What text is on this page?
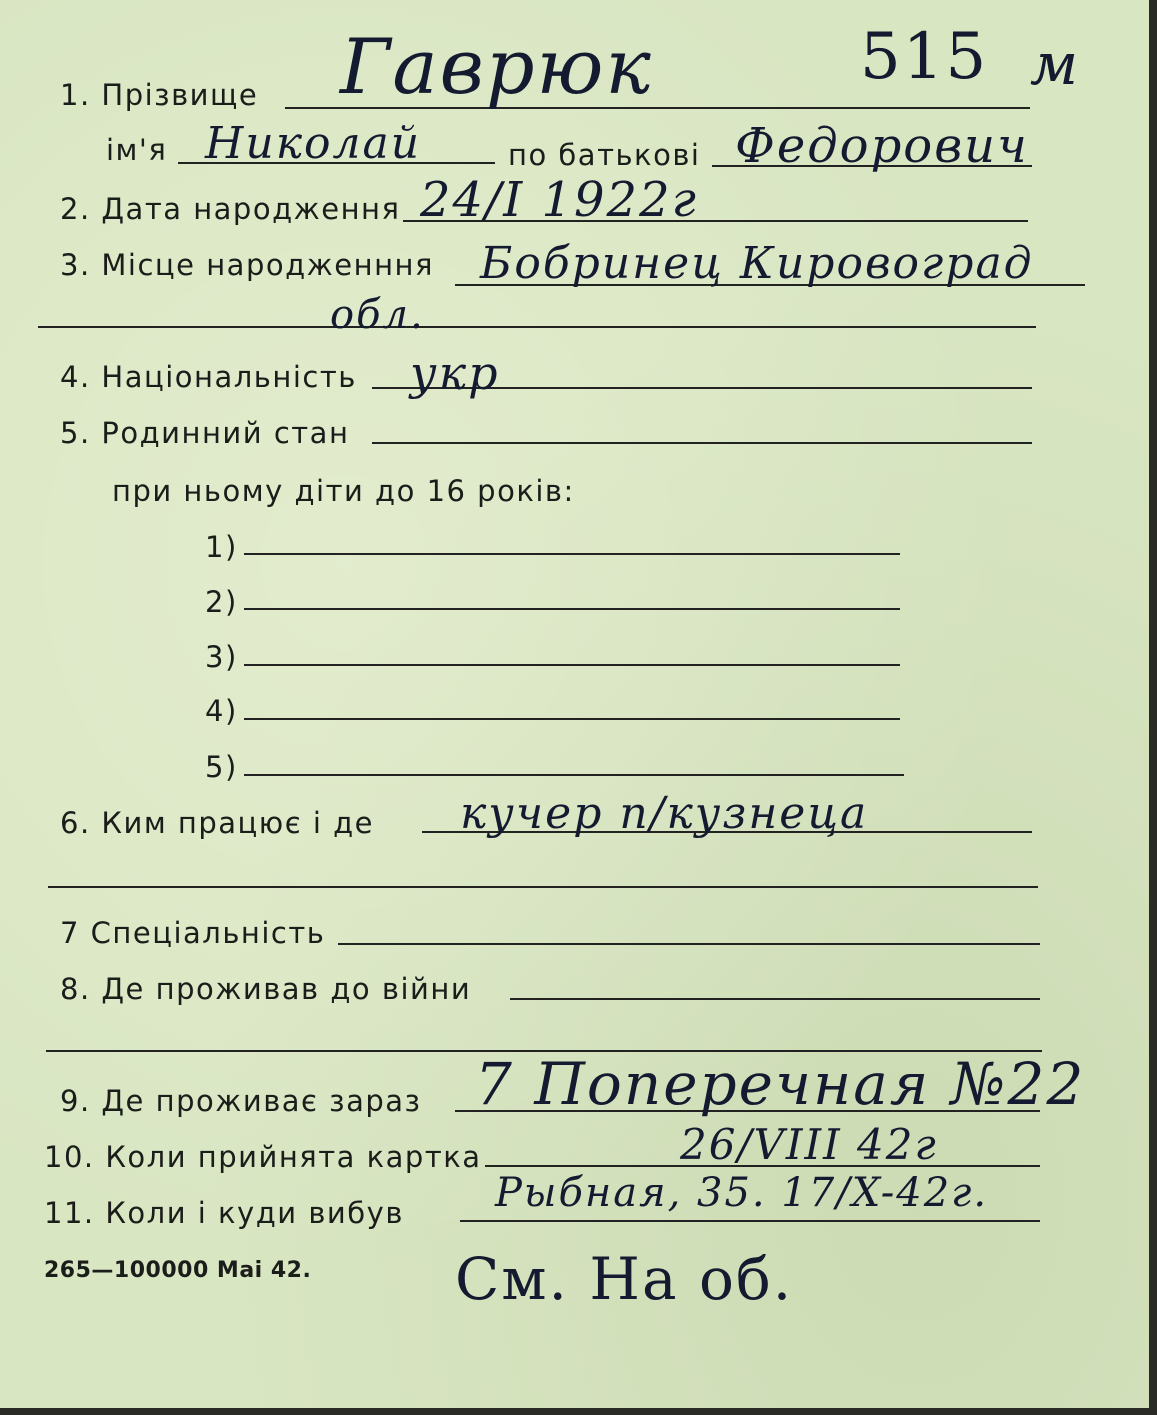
515 м
1. Прізвище Гаврюк
ім'я Николай	по батькові Федорович
2. Дата народження 24/І 1922г
3. Місце народженння Бобринец Кировоград
обл.
4. Національність укр
5. Родинний стан
при ньому діти до 16 років:
1)
2)
3)
4)
5)
6. Ким працює і де кучер п/кузнеца
7 Спеціальність
8. Де проживав до війни
9. Де проживає зараз 7 Поперечная №22
10. Коли прийнята картка	26/VIII 42г
11. Коли і куди вибув Рыбная, 35. 17/X-42г.
265—100000 Mai 42. См. На об.
